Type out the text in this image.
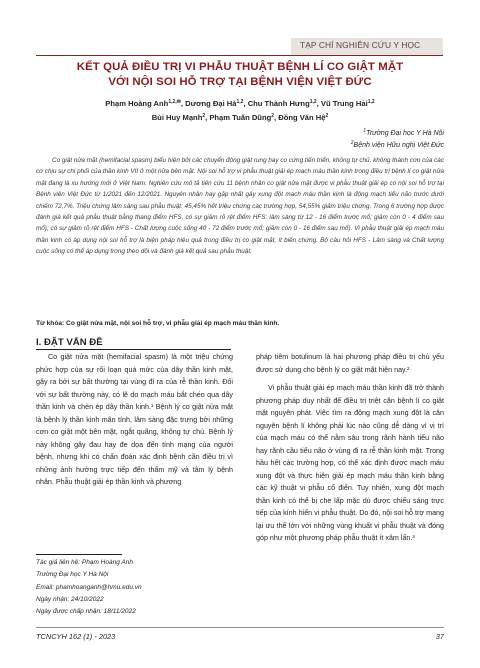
TẠP CHÍ NGHIÊN CỨU Y HỌC
KẾT QUẢ ĐIỀU TRỊ VI PHẪU THUẬT BỆNH LÍ CO GIẬT MẶT
VỚI NỘI SOI HỖ TRỢ TẠI BỆNH VIỆN VIỆT ĐỨC
Phạm Hoàng Anh$^{1,2,✉}$, Dương Đại Hà$^{1,2}$, Chu Thành Hưng$^{1,2}$, Vũ Trung Hải$^{1,2}$
Bùi Huy Mạnh$^2$, Phạm Tuấn Dũng$^2$, Đồng Văn Hệ$^2$
$^1$Trường Đại học Y Hà Nội
$^2$Bệnh viện Hữu nghị Việt Đức

Co giật nửa mặt (hemifacial spasm) biểu hiện bởi các chuyển động giật rung hay co cứng tiến triển, không tự chủ, không thành cơn của các cơ chịu sự chi phối của thần kinh VII ở một nửa bên mặt. Nội soi hỗ trợ vi phẫu thuật giải ép mạch máu thần kinh trong điều trị bệnh lí co giật nửa mặt đang là xu hướng mới ở Việt Nam. Nghiên cứu mô tả tiến cứu 11 bệnh nhân co giật nửa mặt được vi phẫu thuật giải ép có nội soi hỗ trợ tại Bệnh viện Việt Đức từ 1/2021 đến 12/2021. Nguyên nhân hay gặp nhất gây xung đột mạch máu thần kinh là động mạch tiểu não trước dưới chiếm 72,7%. Triệu chứng lâm sàng sau phẫu thuật: 45,45% hết triệu chứng các trường hợp, 54,55% giảm triệu chứng. Trong 6 trường hợp được đánh giá kết quả phẫu thuật bằng thang điểm HFS, có sự giảm rõ rệt điểm HFS: lâm sàng từ 12 - 16 điểm trước mổ; giảm còn 0 - 4 điểm sau mổ); có sự giảm rõ rệt điểm HFS - Chất lượng cuộc sống 40 - 72 điểm trước mổ; giảm còn 0 - 16 điểm sau mổ). Vi phẫu thuật giải ép mạch máu thần kinh có áp dụng nội soi hỗ trợ là biện pháp hiệu quả trong điều trị co giật mặt, ít biến chứng. Bộ câu hỏi HFS - Lâm sàng và Chất lượng cuộc sống có thể áp dụng trong theo dõi và đánh giá kết quả sau phẫu thuật.

Từ khóa: Co giật nửa mặt, nội soi hỗ trợ, vi phẫu giải ép mạch máu thần kinh.
I. ĐẶT VẤN ĐỀ

Co giật nửa mặt (hemifacial spasm) là một triệu chứng phức hợp của sự rối loạn quá mức của dây thần kinh mặt, gây ra bởi sự bất thường tại vùng đi ra của rễ thần kinh. Đối với sự bất thường này, có lẽ do mạch máu bắt chéo qua dây thần kinh và chèn ép dây thần kinh.¹ Bệnh lý co giật nửa mặt là bệnh lý thần kinh mãn tính, lâm sàng đặc trưng bởi những cơn co giật một bên mặt, ngắt quãng, không tự chủ. Bệnh lý này không gây đau hay đe dọa đến tính mạng của người bệnh, nhưng khi có chẩn đoán xác định bệnh cần điều trị vì những ảnh hưởng trực tiếp đến thẩm mỹ và tâm lý bệnh nhân. Phẫu thuật giải ép thần kinh và phương

pháp tiêm botulinum là hai phương pháp điều trị chủ yếu được sử dụng cho bệnh lý co giật mặt hiện nay.²

Vi phẫu thuật giải ép mạch máu thần kinh đã trở thành phương pháp duy nhất để điều trị triệt căn bệnh lí co giật mặt nguyên phát. Việc tìm ra động mạch xung đột là căn nguyên bệnh lí không phải lúc nào cũng dễ dàng vì vị trí của mạch máu có thể nằm sâu trong rãnh hành tiểu não hay rãnh cầu tiểu não ở vùng đi ra rễ thần kinh mặt. Trong hầu hết các trường hợp, có thể xác định được mạch máu xung đột và thực hiện giải ép mạch máu thần kinh bằng các kỹ thuật vi phẫu cổ điển. Tuy nhiên, xung đột mạch thần kinh có thể bị che lấp mặc dù được chiếu sáng trực tiếp của kính hiển vi phẫu thuật. Do đó, nội soi hỗ trợ mang lại ưu thế lớn với những vùng khuất vi phẫu thuật và đóng góp như một phương pháp phẫu thuật ít xâm lấn.³

Tác giả liên hệ: Phạm Hoàng Anh
Trường Đại học Y Hà Nội
Email: phamhoanganh@hmu.edu.vn
Ngày nhận: 24/10/2022
Ngày được chấp nhận: 18/11/2022
TCNCYH 162 (1) - 2023	37
